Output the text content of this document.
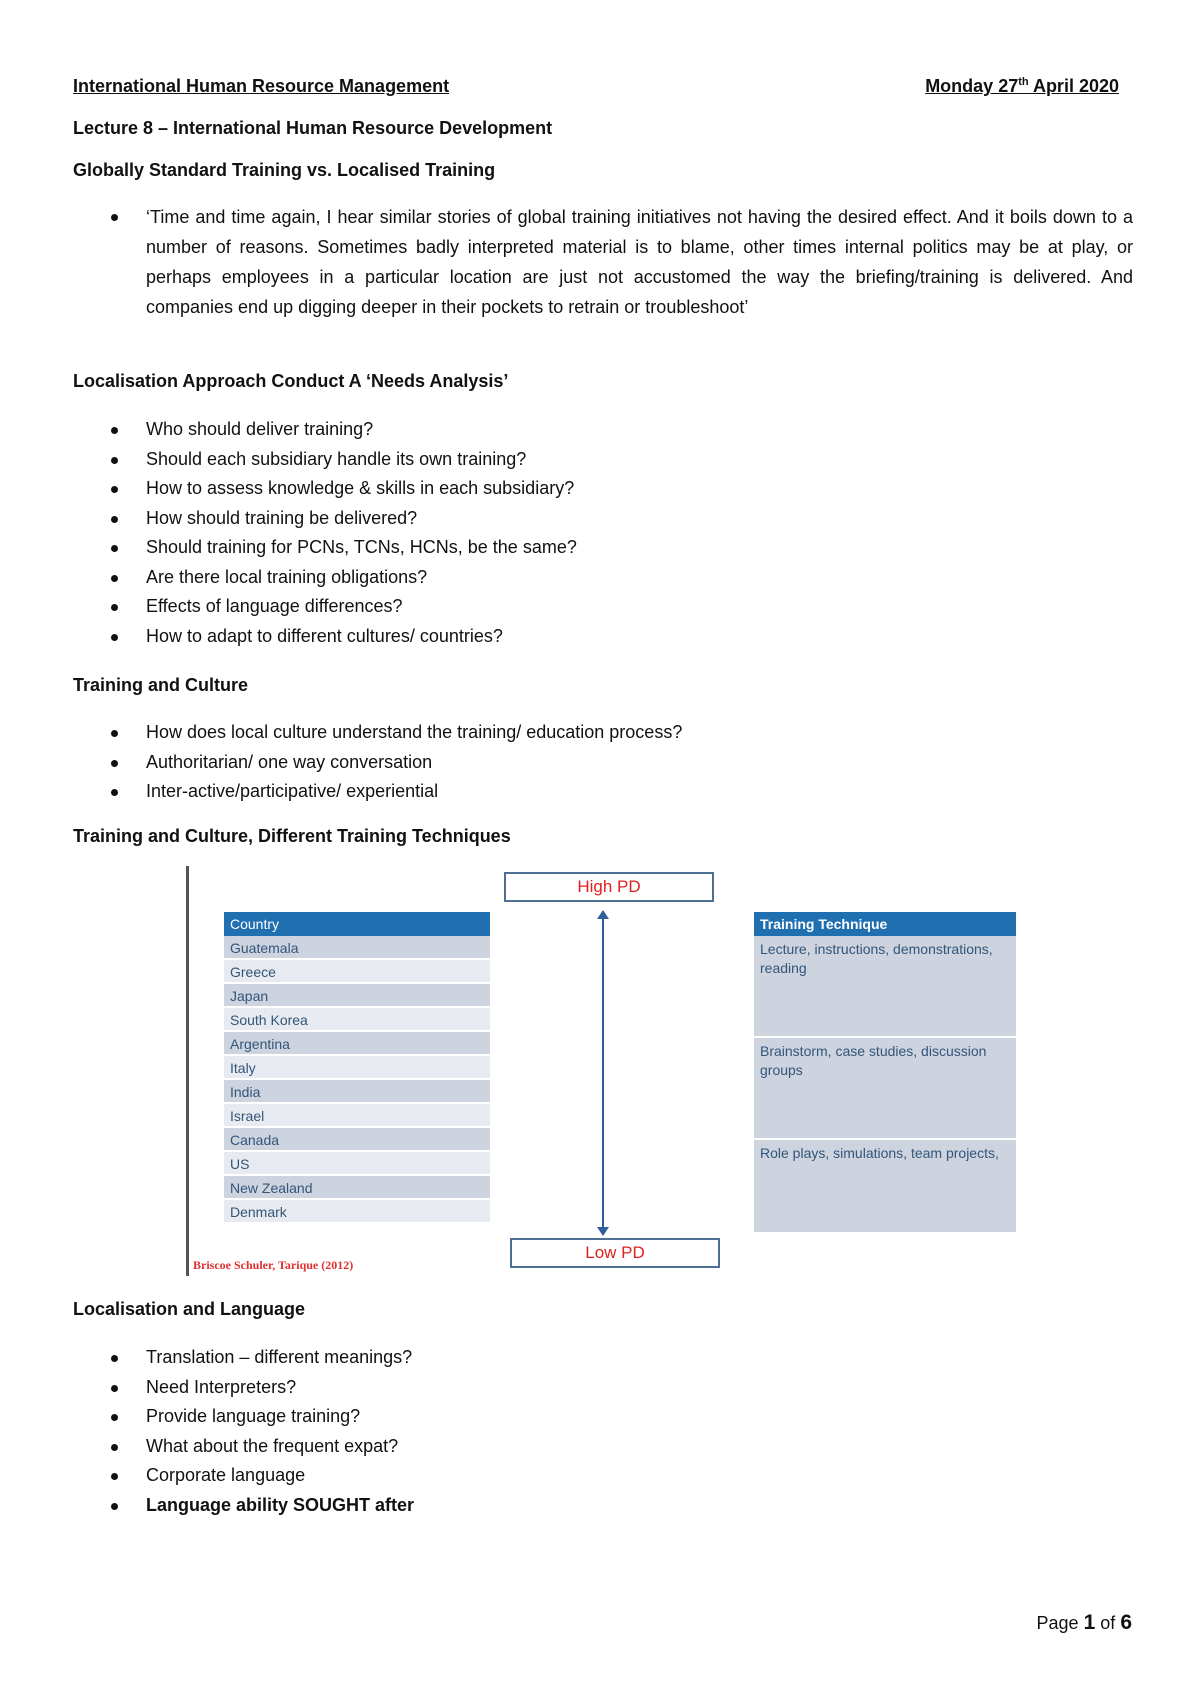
International Human Resource Management	Monday 27th April 2020
Lecture 8 – International Human Resource Development
Globally Standard Training vs. Localised Training
‘Time and time again, I hear similar stories of global training initiatives not having the desired effect. And it boils down to a number of reasons. Sometimes badly interpreted material is to blame, other times internal politics may be at play, or perhaps employees in a particular location are just not accustomed the way the briefing/training is delivered. And companies end up digging deeper in their pockets to retrain or troubleshoot’
Localisation Approach Conduct A ‘Needs Analysis’
Who should deliver training?
Should each subsidiary handle its own training?
How to assess knowledge & skills in each subsidiary?
How should training be delivered?
Should training for PCNs, TCNs, HCNs, be the same?
Are there local training obligations?
Effects of language differences?
How to adapt to different cultures/ countries?
Training and Culture
How does local culture understand the training/ education process?
Authoritarian/ one way conversation
Inter-active/participative/ experiential
Training and Culture, Different Training Techniques
Country
Guatemala
Greece
Japan
South Korea
Argentina
Italy
India
Israel
Canada
US
New Zealand
Denmark
High PD
Low PD
Training Technique
Lecture, instructions, demonstrations, reading
Brainstorm, case studies, discussion groups
Role plays, simulations, team projects,
Briscoe Schuler, Tarique (2012)
Localisation and Language
Translation – different meanings?
Need Interpreters?
Provide language training?
What about the frequent expat?
Corporate language
Language ability SOUGHT after
Page 1 of 6
